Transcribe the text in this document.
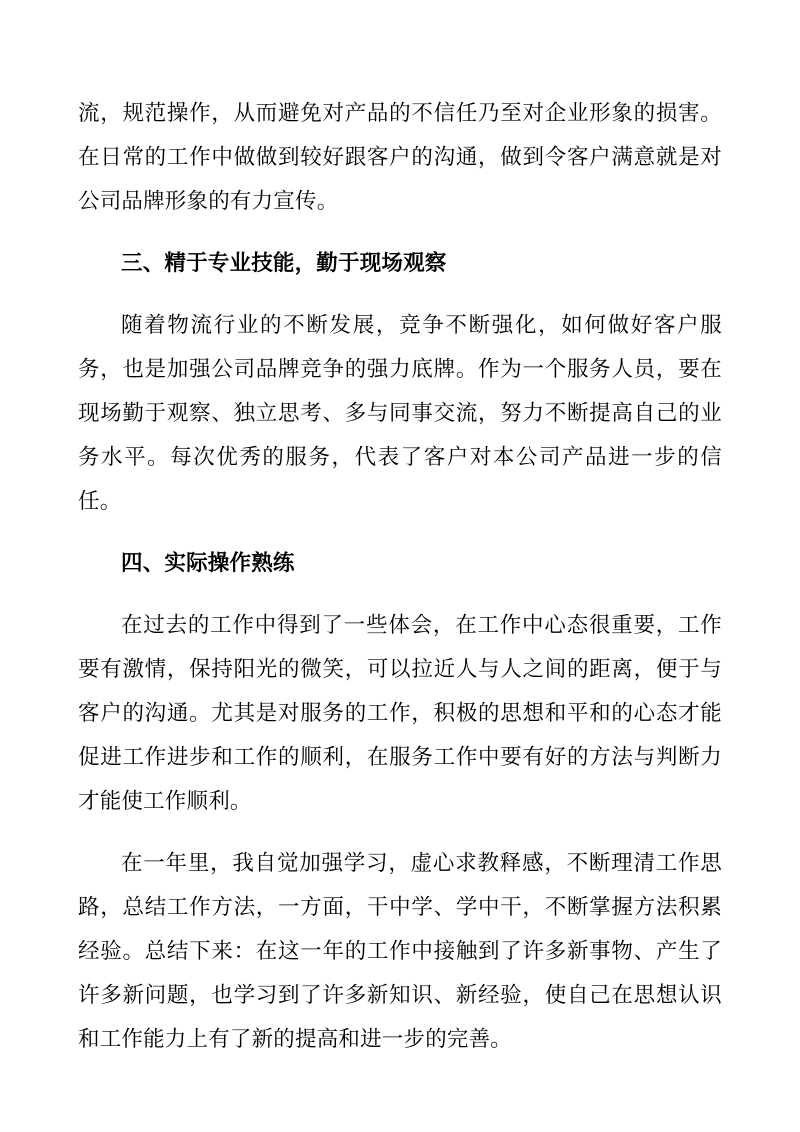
流，规范操作，从而避免对产品的不信任乃至对企业形象的损害。在日常的工作中做做到较好跟客户的沟通，做到令客户满意就是对公司品牌形象的有力宣传。

三、精于专业技能，勤于现场观察

随着物流行业的不断发展，竞争不断强化，如何做好客户服务，也是加强公司品牌竞争的强力底牌。作为一个服务人员，要在现场勤于观察、独立思考、多与同事交流，努力不断提高自己的业务水平。每次优秀的服务，代表了客户对本公司产品进一步的信任。

四、实际操作熟练

在过去的工作中得到了一些体会，在工作中心态很重要，工作要有激情，保持阳光的微笑，可以拉近人与人之间的距离，便于与客户的沟通。尤其是对服务的工作，积极的思想和平和的心态才能促进工作进步和工作的顺利，在服务工作中要有好的方法与判断力才能使工作顺利。

在一年里，我自觉加强学习，虚心求教释感，不断理清工作思路，总结工作方法，一方面，干中学、学中干，不断掌握方法积累经验。总结下来：在这一年的工作中接触到了许多新事物、产生了许多新问题，也学习到了许多新知识、新经验，使自己在思想认识和工作能力上有了新的提高和进一步的完善。
